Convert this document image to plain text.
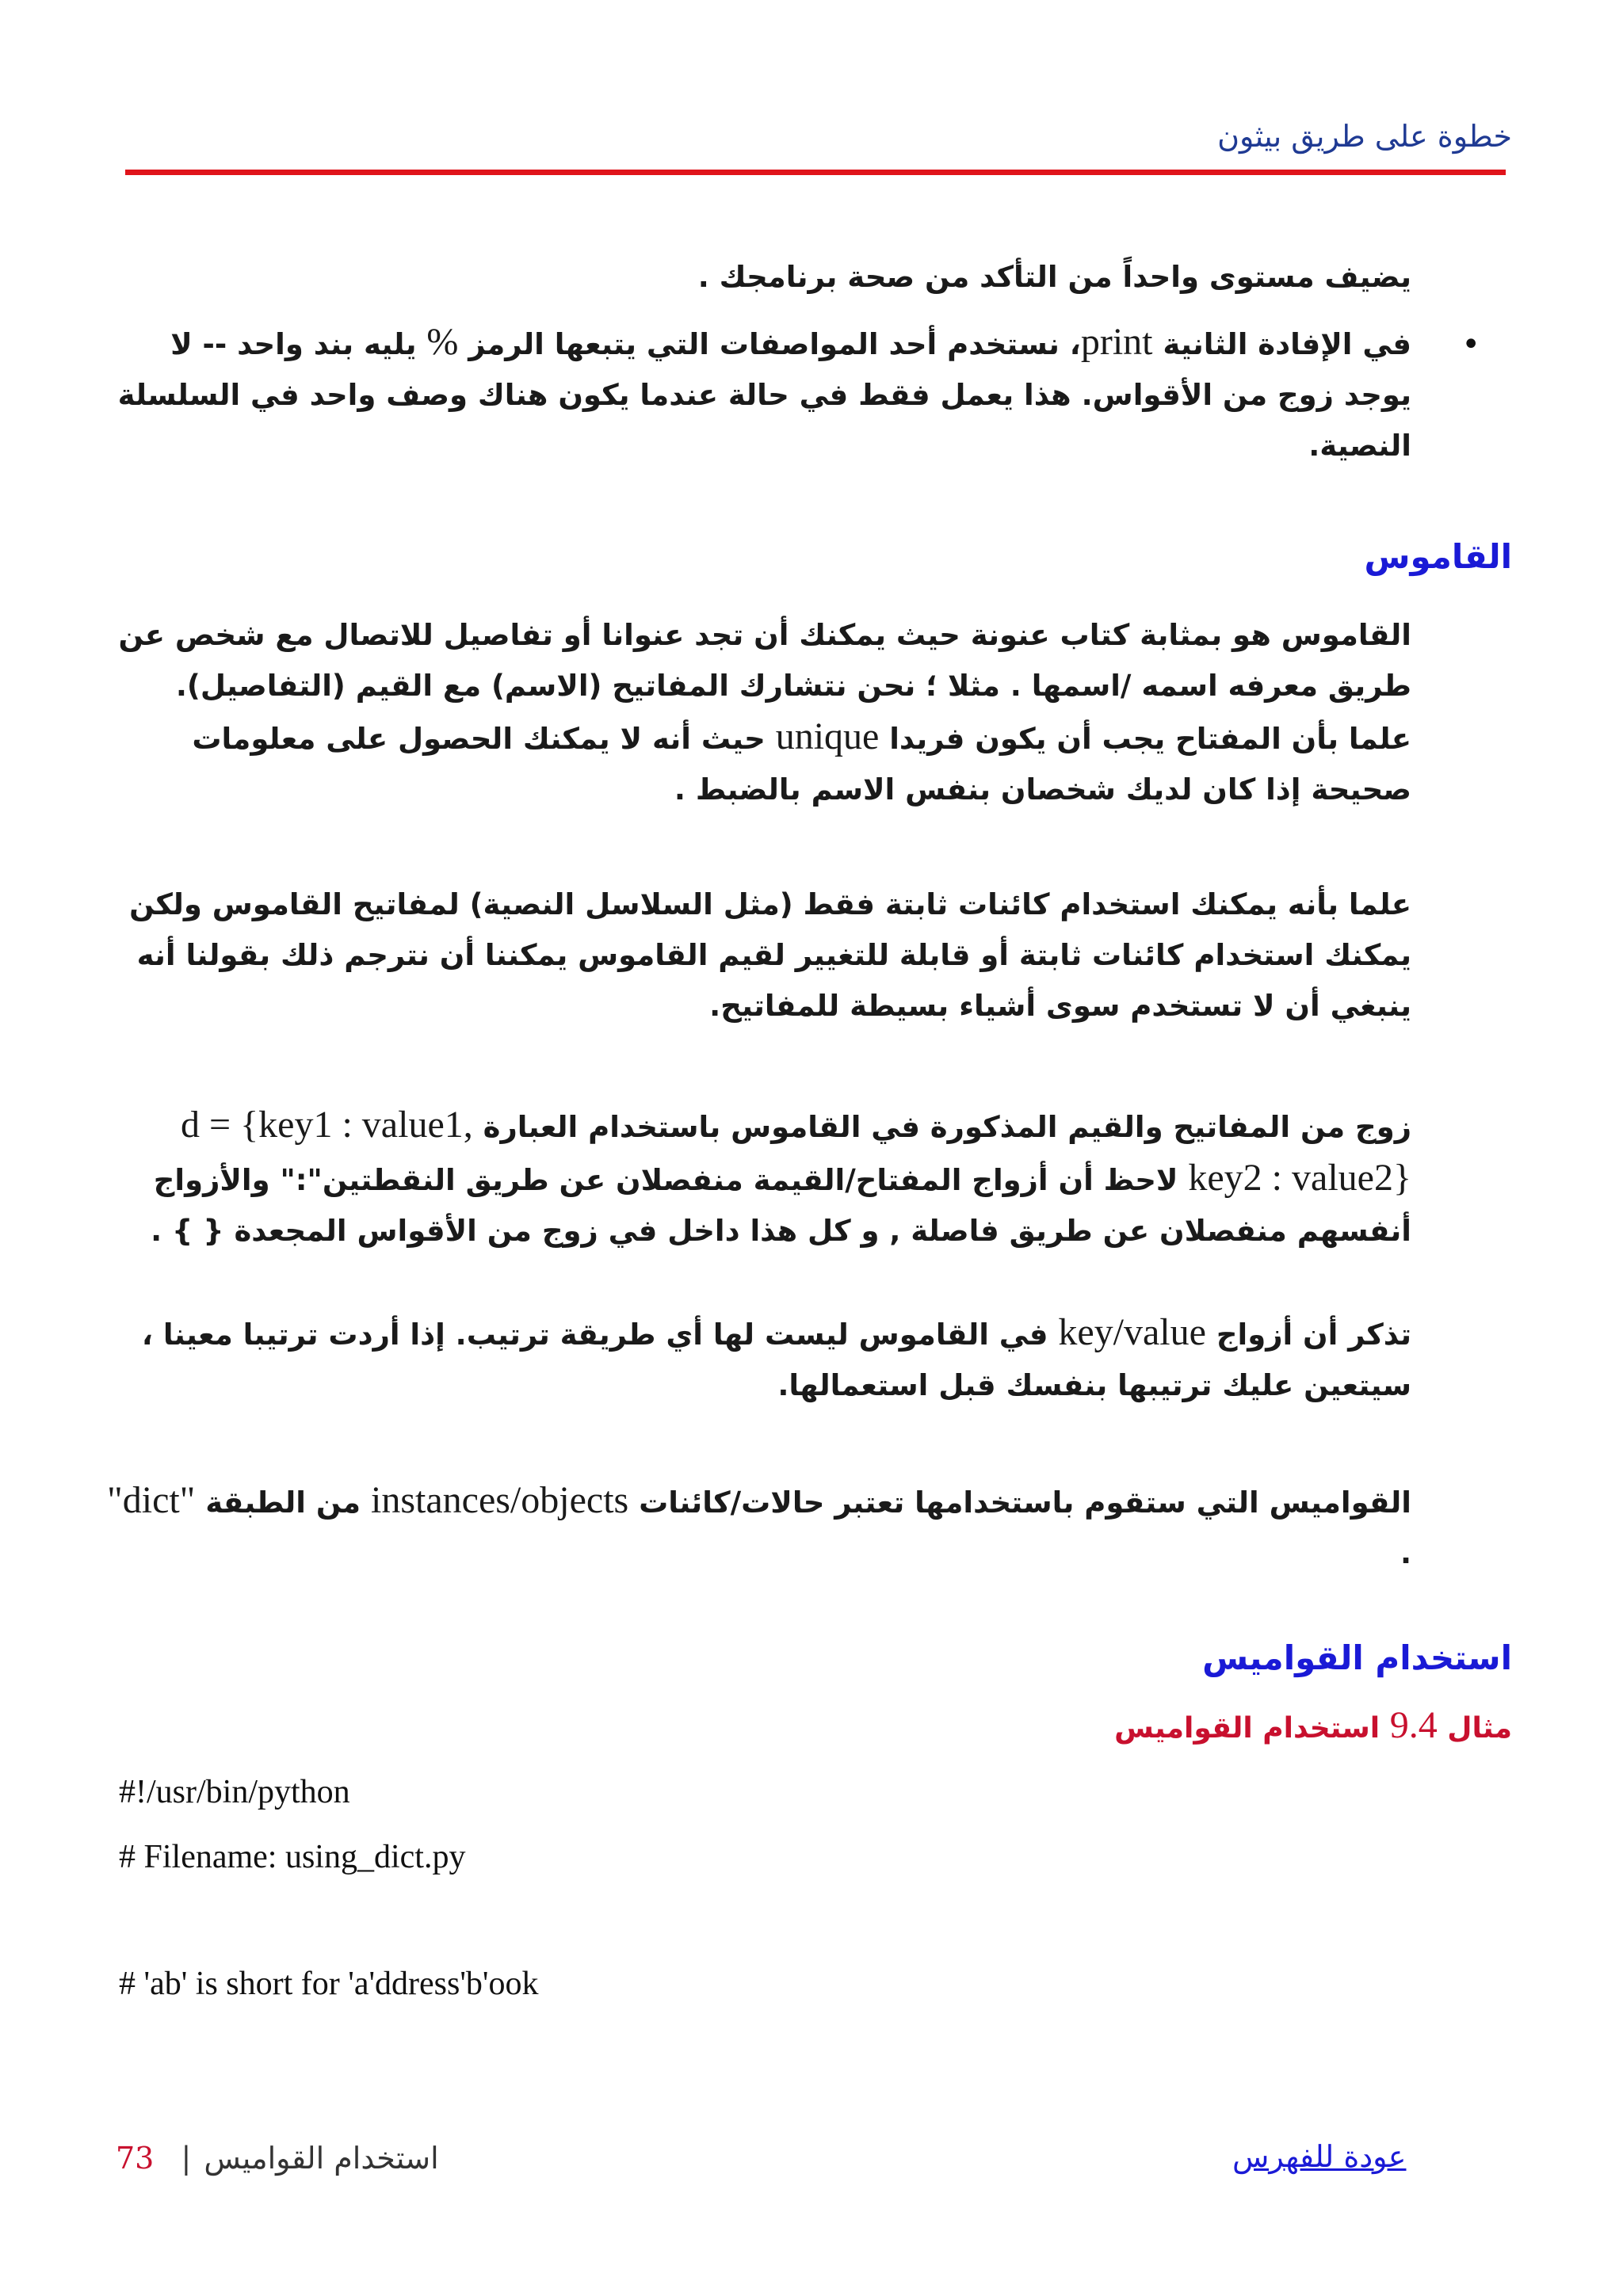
خطوة على طريق بيثون
يضيف مستوى واحداً من التأكد من صحة برنامجك .
•
في الإفادة الثانية print، نستخدم أحد المواصفات التي يتبعها الرمز % يليه بند واحد -- لا يوجد زوج من الأقواس. هذا يعمل فقط في حالة عندما يكون هناك وصف واحد في السلسلة النصية.
القاموس
القاموس هو بمثابة كتاب عنونة حيث يمكنك أن تجد عنوانا أو تفاصيل للاتصال مع شخص عن طريق معرفه اسمه /اسمها . مثلا ؛ نحن نتشارك المفاتيح (الاسم) مع القيم (التفاصيل). علما بأن المفتاح يجب أن يكون فريدا unique حيث أنه لا يمكنك الحصول على معلومات صحيحة إذا كان لديك شخصان بنفس الاسم بالضبط .
علما بأنه يمكنك استخدام كائنات ثابتة فقط (مثل السلاسل النصية) لمفاتيح القاموس ولكن يمكنك استخدام كائنات ثابتة أو قابلة للتغيير لقيم القاموس يمكننا أن نترجم ذلك بقولنا أنه ينبغي أن لا تستخدم سوى أشياء بسيطة للمفاتيح.
زوج من المفاتيح والقيم المذكورة في القاموس باستخدام العبارة d = {key1 : value1, key2 : value2} لاحظ أن أزواج المفتاح/القيمة منفصلان عن طريق النقطتين":" والأزواج أنفسهم منفصلان عن طريق فاصلة , و كل هذا داخل في زوج من الأقواس المجعدة { } .
تذكر أن أزواج key/value في القاموس ليست لها أي طريقة ترتيب. إذا أردت ترتيبا معينا ، سيتعين عليك ترتيبها بنفسك قبل استعمالها.
القواميس التي ستقوم باستخدامها تعتبر حالات/كائنات instances/objects من الطبقة "dict" .
استخدام القواميس
مثال 9.4 استخدام القواميس
#!/usr/bin/python
# Filename: using_dict.py
# 'ab' is short for 'a'ddress'b'ook
73 | استخدام القواميس	عودة للفهرس
